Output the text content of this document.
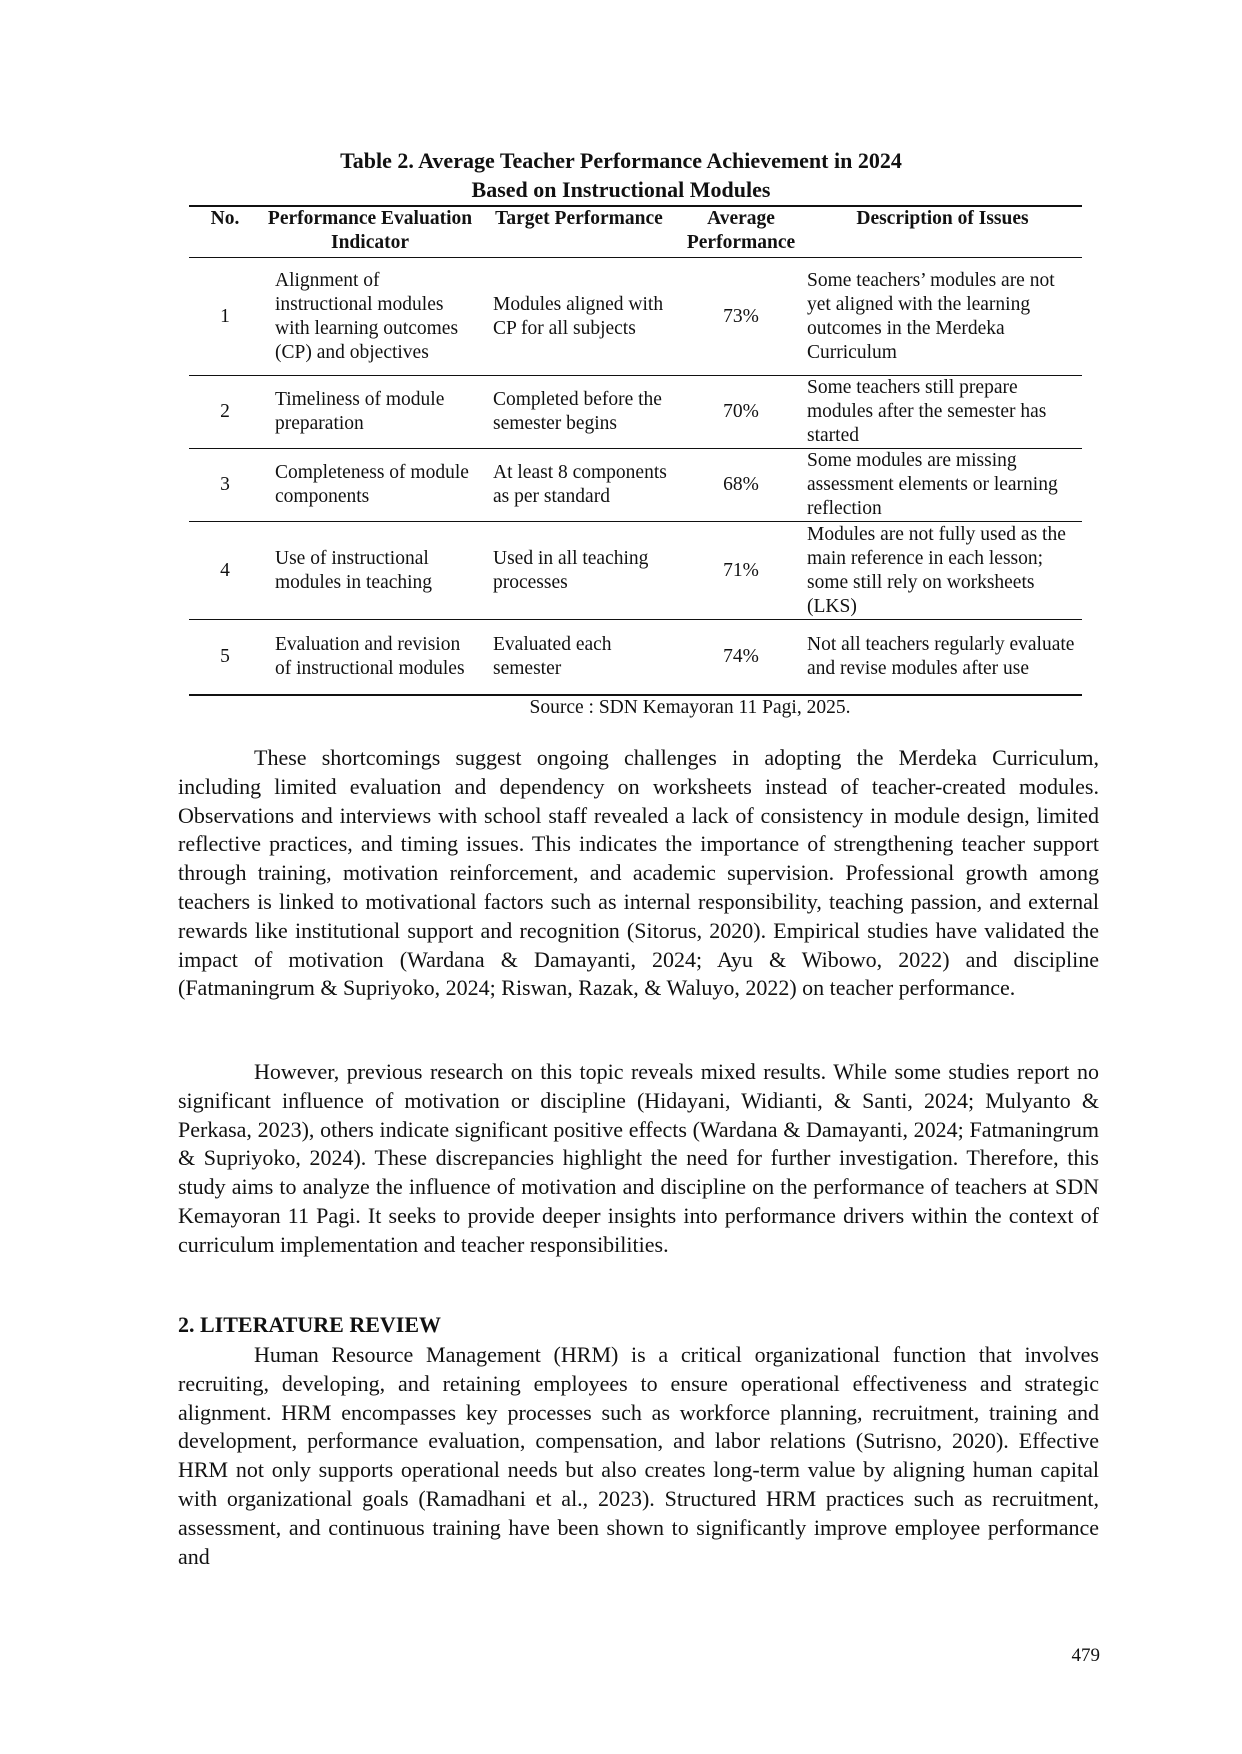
Table 2. Average Teacher Performance Achievement in 2024
Based on Instructional Modules
No.	Performance Evaluation Indicator	Target Performance	Average Performance	Description of Issues
1	Alignment of instructional modules with learning outcomes (CP) and objectives	Modules aligned with CP for all subjects	73%	Some teachers’ modules are not yet aligned with the learning outcomes in the Merdeka Curriculum
2	Timeliness of module preparation	Completed before the semester begins	70%	Some teachers still prepare modules after the semester has started
3	Completeness of module components	At least 8 components as per standard	68%	Some modules are missing assessment elements or learning reflection
4	Use of instructional modules in teaching	Used in all teaching processes	71%	Modules are not fully used as the main reference in each lesson; some still rely on worksheets (LKS)
5	Evaluation and revision of instructional modules	Evaluated each semester	74%	Not all teachers regularly evaluate and revise modules after use
Source : SDN Kemayoran 11 Pagi, 2025.

These shortcomings suggest ongoing challenges in adopting the Merdeka Curriculum, including limited evaluation and dependency on worksheets instead of teacher-created modules. Observations and interviews with school staff revealed a lack of consistency in module design, limited reflective practices, and timing issues. This indicates the importance of strengthening teacher support through training, motivation reinforcement, and academic supervision. Professional growth among teachers is linked to motivational factors such as internal responsibility, teaching passion, and external rewards like institutional support and recognition (Sitorus, 2020). Empirical studies have validated the impact of motivation (Wardana & Damayanti, 2024; Ayu & Wibowo, 2022) and discipline (Fatmaningrum & Supriyoko, 2024; Riswan, Razak, & Waluyo, 2022) on teacher performance.

However, previous research on this topic reveals mixed results. While some studies report no significant influence of motivation or discipline (Hidayani, Widianti, & Santi, 2024; Mulyanto & Perkasa, 2023), others indicate significant positive effects (Wardana & Damayanti, 2024; Fatmaningrum & Supriyoko, 2024). These discrepancies highlight the need for further investigation. Therefore, this study aims to analyze the influence of motivation and discipline on the performance of teachers at SDN Kemayoran 11 Pagi. It seeks to provide deeper insights into performance drivers within the context of curriculum implementation and teacher responsibilities.

2. LITERATURE REVIEW

Human Resource Management (HRM) is a critical organizational function that involves recruiting, developing, and retaining employees to ensure operational effectiveness and strategic alignment. HRM encompasses key processes such as workforce planning, recruitment, training and development, performance evaluation, compensation, and labor relations (Sutrisno, 2020). Effective HRM not only supports operational needs but also creates long-term value by aligning human capital with organizational goals (Ramadhani et al., 2023). Structured HRM practices such as recruitment, assessment, and continuous training have been shown to significantly improve employee performance and

479
